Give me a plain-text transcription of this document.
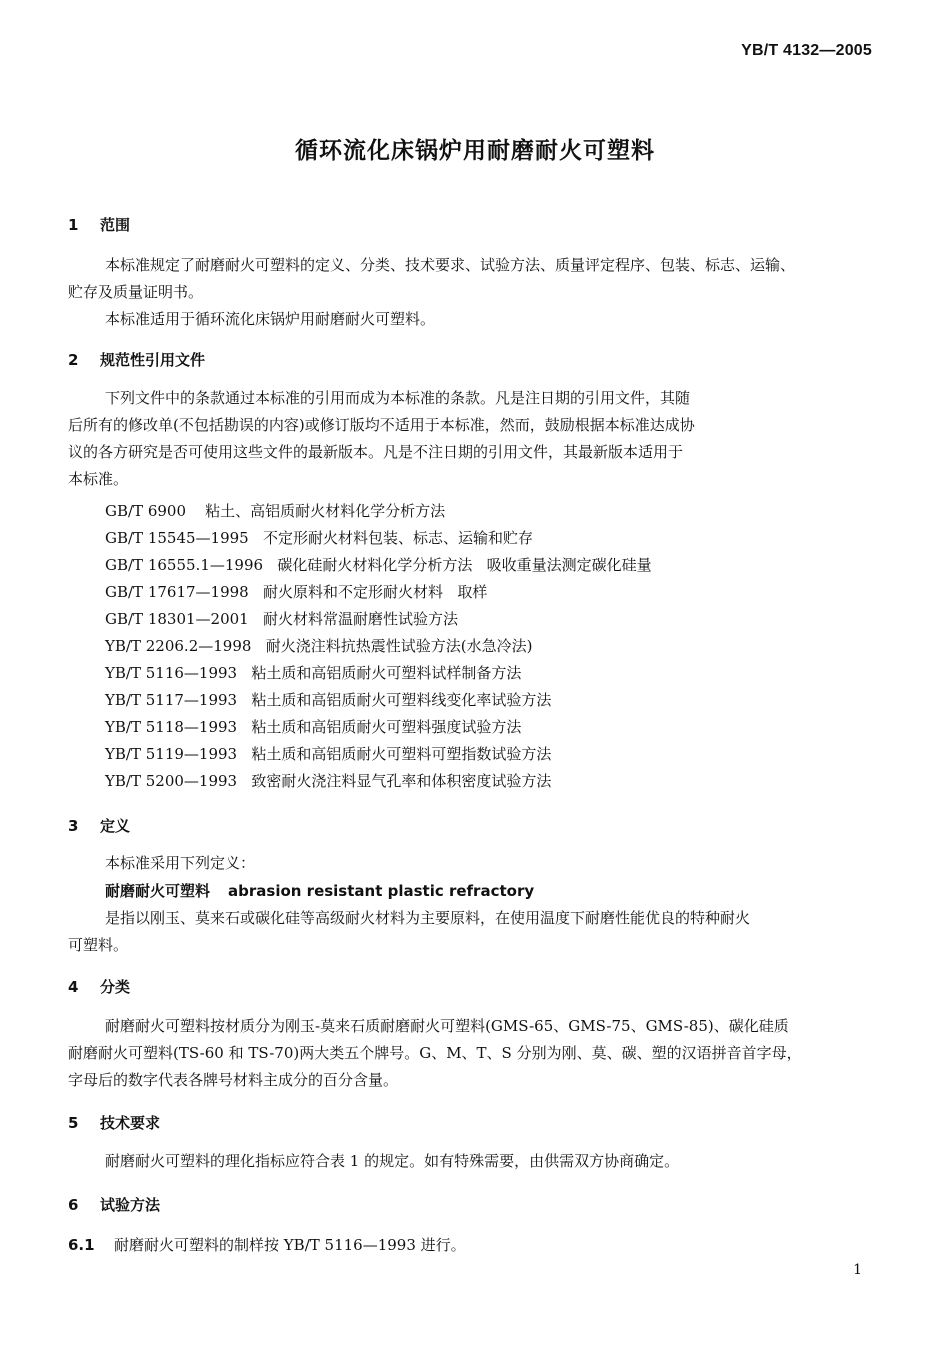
YB/T 4132—2005
循环流化床锅炉用耐磨耐火可塑料
1 范围
本标准规定了耐磨耐火可塑料的定义、分类、技术要求、试验方法、质量评定程序、包装、标志、运输、
贮存及质量证明书。
本标准适用于循环流化床锅炉用耐磨耐火可塑料。
2 规范性引用文件
下列文件中的条款通过本标准的引用而成为本标准的条款。凡是注日期的引用文件，其随
后所有的修改单(不包括勘误的内容)或修订版均不适用于本标准，然而，鼓励根据本标准达成协
议的各方研究是否可使用这些文件的最新版本。凡是不注日期的引用文件，其最新版本适用于
本标准。
GB/T 6900    粘土、高铝质耐火材料化学分析方法
GB/T 15545—1995   不定形耐火材料包装、标志、运输和贮存
GB/T 16555.1—1996   碳化硅耐火材料化学分析方法   吸收重量法测定碳化硅量
GB/T 17617—1998   耐火原料和不定形耐火材料   取样
GB/T 18301—2001   耐火材料常温耐磨性试验方法
YB/T 2206.2—1998   耐火浇注料抗热震性试验方法(水急冷法)
YB/T 5116—1993   粘土质和高铝质耐火可塑料试样制备方法
YB/T 5117—1993   粘土质和高铝质耐火可塑料线变化率试验方法
YB/T 5118—1993   粘土质和高铝质耐火可塑料强度试验方法
YB/T 5119—1993   粘土质和高铝质耐火可塑料可塑指数试验方法
YB/T 5200—1993   致密耐火浇注料显气孔率和体积密度试验方法
3 定义
本标准采用下列定义：
耐磨耐火可塑料 abrasion resistant plastic refractory
是指以刚玉、莫来石或碳化硅等高级耐火材料为主要原料，在使用温度下耐磨性能优良的特种耐火
可塑料。
4 分类
耐磨耐火可塑料按材质分为刚玉-莫来石质耐磨耐火可塑料(GMS-65、GMS-75、GMS-85)、碳化硅质
耐磨耐火可塑料(TS-60 和 TS-70)两大类五个牌号。G、M、T、S 分别为刚、莫、碳、塑的汉语拼音首字母，
字母后的数字代表各牌号材料主成分的百分含量。
5 技术要求
耐磨耐火可塑料的理化指标应符合表 1 的规定。如有特殊需要，由供需双方协商确定。
6 试验方法
6.1 耐磨耐火可塑料的制样按 YB/T 5116—1993 进行。
1
